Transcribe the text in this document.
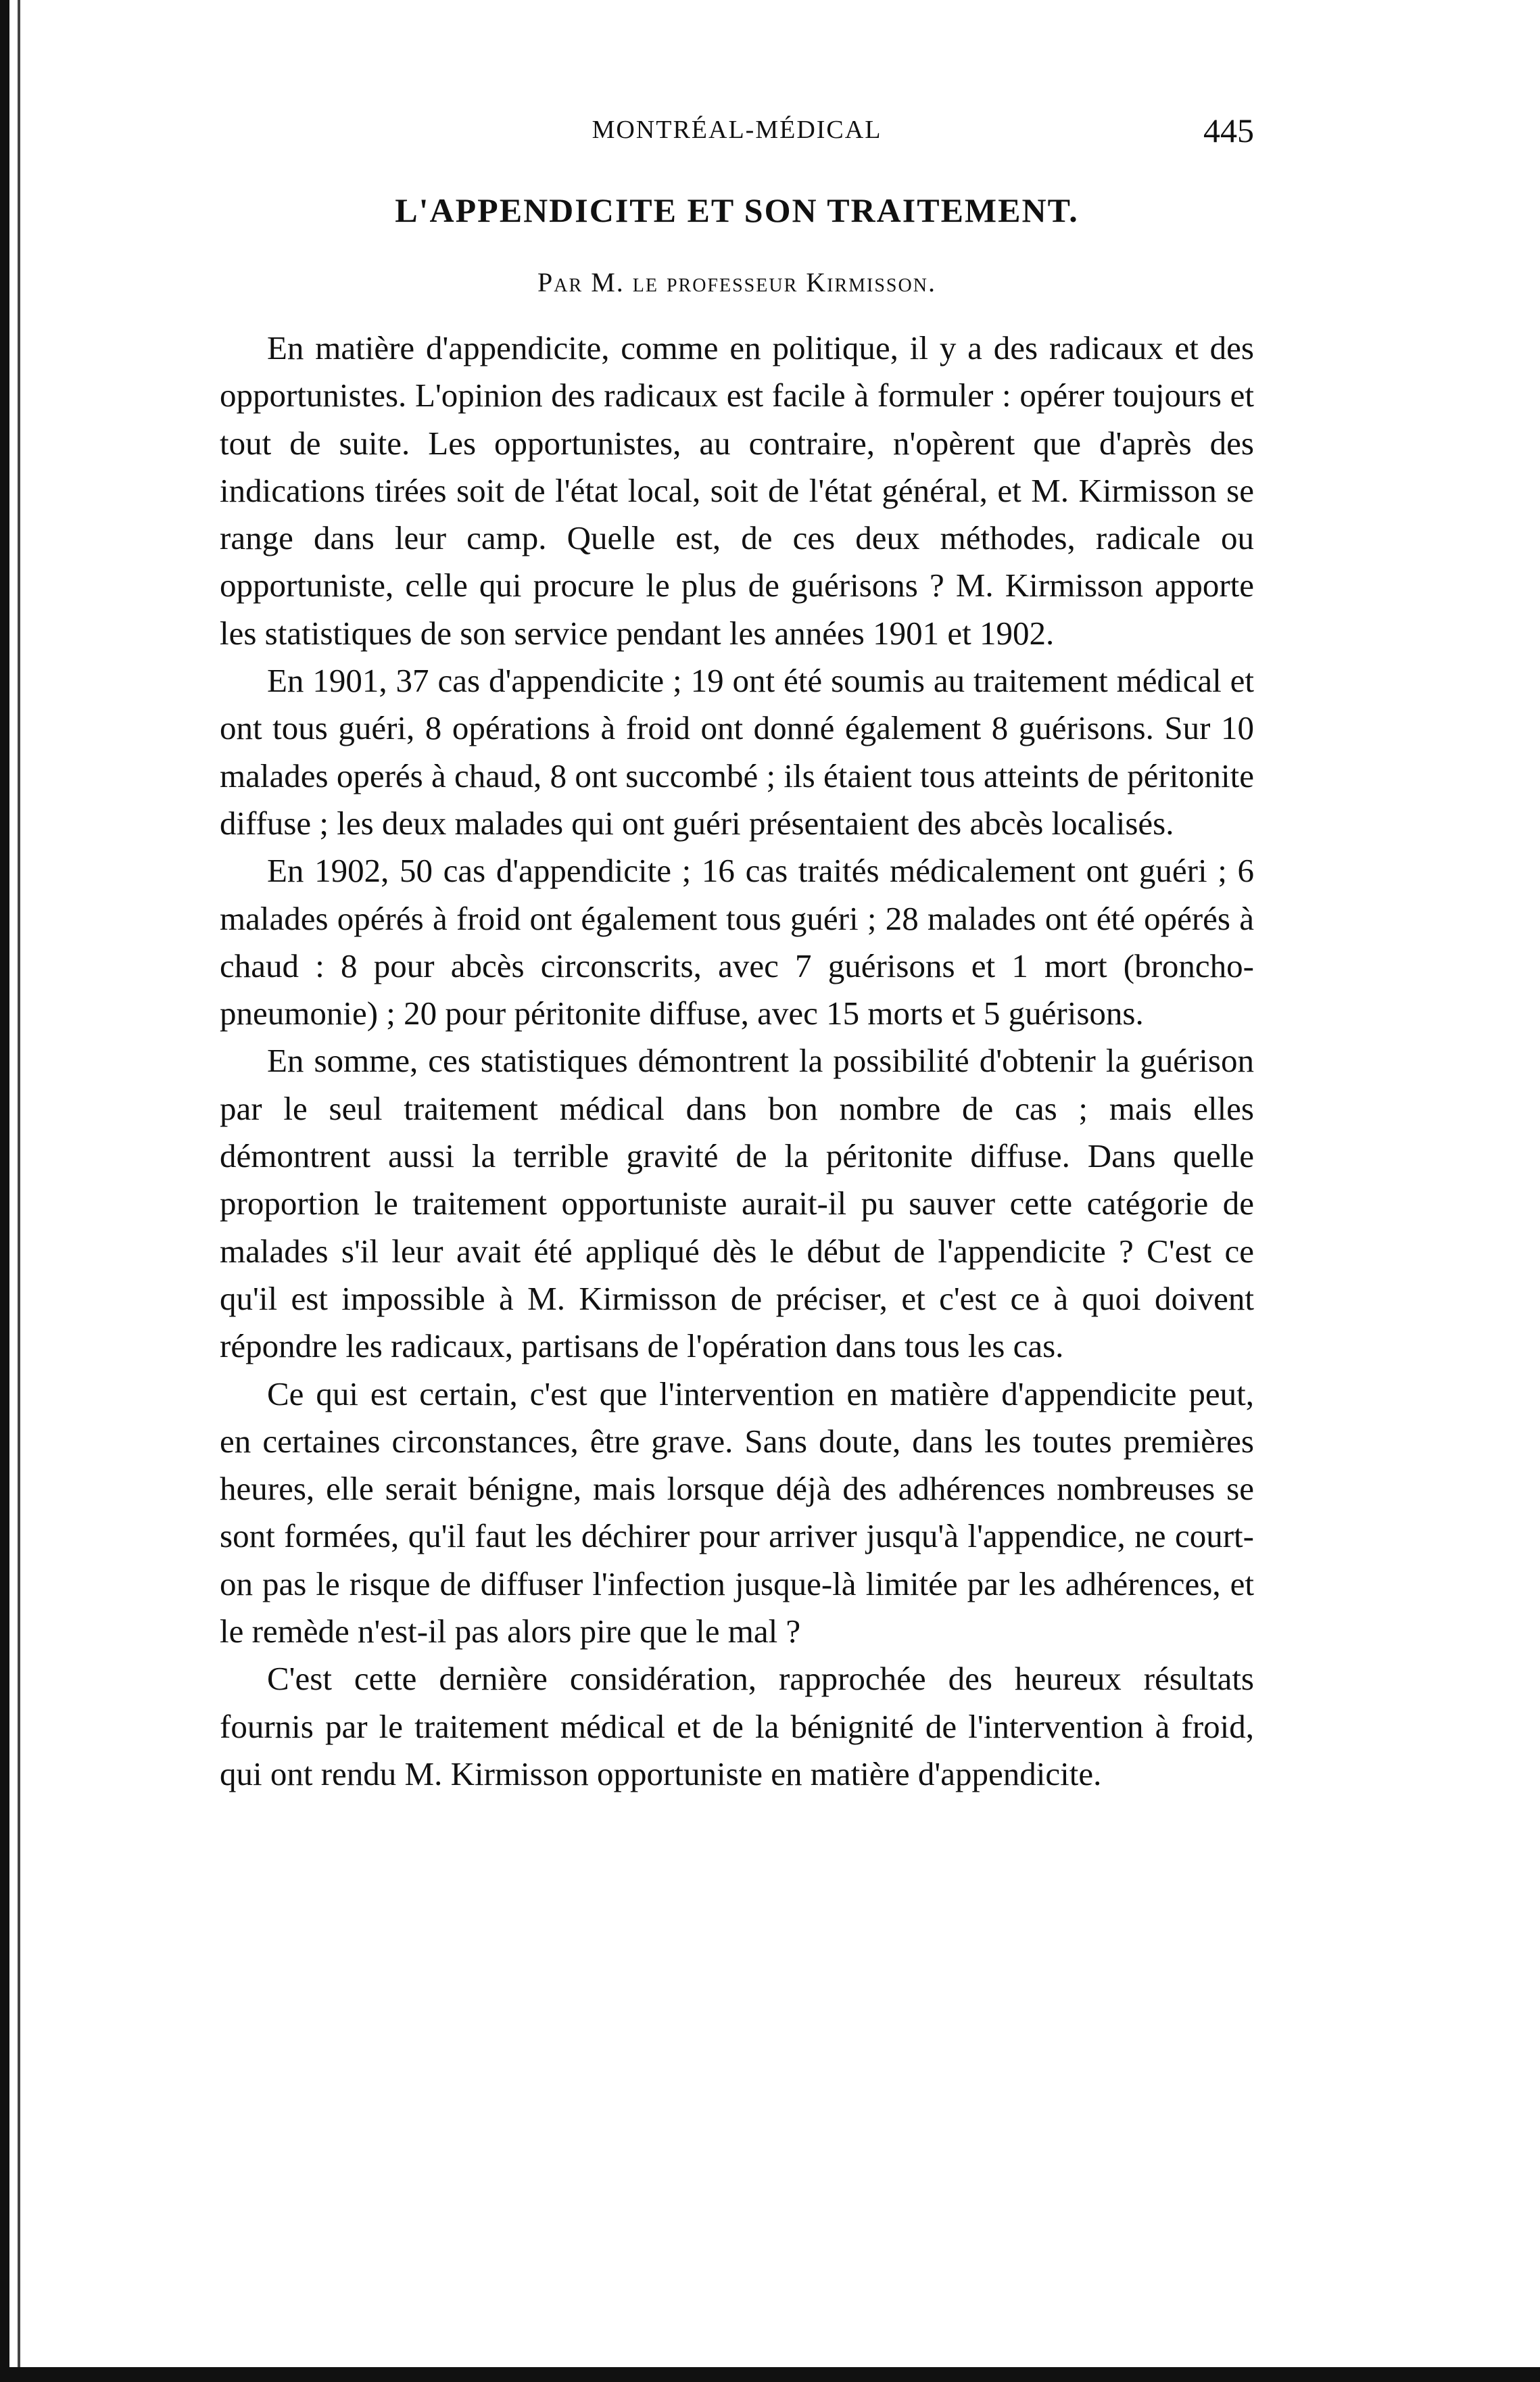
MONTRÉAL-MÉDICAL	445
L'APPENDICITE ET SON TRAITEMENT.
Par M. le professeur Kirmisson.

En matière d'appendicite, comme en politique, il y a des radicaux et des opportunistes. L'opinion des radicaux est facile à formuler : opérer toujours et tout de suite. Les opportunistes, au contraire, n'opèrent que d'après des indications tirées soit de l'état local, soit de l'état général, et M. Kirmisson se range dans leur camp. Quelle est, de ces deux méthodes, radicale ou opportuniste, celle qui procure le plus de guérisons ? M. Kirmisson apporte les statistiques de son service pendant les années 1901 et 1902.

En 1901, 37 cas d'appendicite ; 19 ont été soumis au traitement médical et ont tous guéri, 8 opérations à froid ont donné également 8 guérisons. Sur 10 malades operés à chaud, 8 ont succombé ; ils étaient tous atteints de péritonite diffuse ; les deux malades qui ont guéri présentaient des abcès localisés.

En 1902, 50 cas d'appendicite ; 16 cas traités médicalement ont guéri ; 6 malades opérés à froid ont également tous guéri ; 28 malades ont été opérés à chaud : 8 pour abcès circonscrits, avec 7 guérisons et 1 mort (broncho-pneumonie) ; 20 pour péritonite diffuse, avec 15 morts et 5 guérisons.

En somme, ces statistiques démontrent la possibilité d'obtenir la guérison par le seul traitement médical dans bon nombre de cas ; mais elles démontrent aussi la terrible gravité de la péritonite diffuse. Dans quelle proportion le traitement opportuniste aurait-il pu sauver cette catégorie de malades s'il leur avait été appliqué dès le début de l'appendicite ? C'est ce qu'il est impossible à M. Kirmisson de préciser, et c'est ce à quoi doivent répondre les radicaux, partisans de l'opération dans tous les cas.

Ce qui est certain, c'est que l'intervention en matière d'appendicite peut, en certaines circonstances, être grave. Sans doute, dans les toutes premières heures, elle serait bénigne, mais lorsque déjà des adhérences nombreuses se sont formées, qu'il faut les déchirer pour arriver jusqu'à l'appendice, ne court-on pas le risque de diffuser l'infection jusque-là limitée par les adhérences, et le remède n'est-il pas alors pire que le mal ?

C'est cette dernière considération, rapprochée des heureux résultats fournis par le traitement médical et de la bénignité de l'intervention à froid, qui ont rendu M. Kirmisson opportuniste en matière d'appendicite.
